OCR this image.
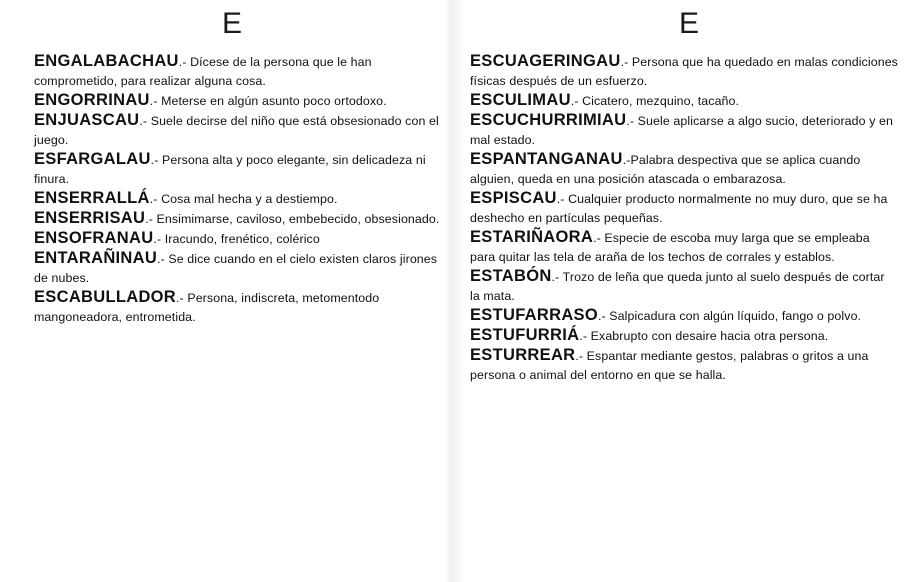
E

ENGALABACHAU.- Dícese de la persona que le han comprometido, para realizar alguna cosa.

ENGORRINAU.- Meterse en algún asunto poco ortodoxo.

ENJUASCAU.- Suele decirse del niño que está obsesionado con el juego.

ESFARGALAU.- Persona alta y poco elegante, sin delicadeza ni finura.

ENSERRALLÁ.- Cosa mal hecha y a destiempo.

ENSERRISAU.- Ensimimarse, caviloso, embebecido, obsesionado.

ENSOFRANAU.- Iracundo, frenético, colérico

ENTARAÑINAU.- Se dice cuando en el cielo existen claros jirones de nubes.

ESCABULLADOR.- Persona, indiscreta, metomentodo mangoneadora, entrometida.

E

ESCUAGERINGAU.- Persona que ha quedado en malas condiciones físicas después de un esfuerzo.

ESCULIMAU.- Cicatero, mezquino, tacaño.

ESCUCHURRIMIAU.- Suele aplicarse a algo sucio, deteriorado y en mal estado.

ESPANTANGANAU.-Palabra despectiva que se aplica cuando alguien, queda en una posición atascada o embarazosa.

ESPISCAU.- Cualquier producto normalmente no muy duro, que se ha deshecho en partículas pequeñas.

ESTARIÑAORA.- Especie de escoba muy larga que se empleaba para quitar las tela de araña de los techos de corrales y establos.

ESTABÓN.- Trozo de leña que queda junto al suelo después de cortar la mata.

ESTUFARRASO.- Salpicadura con algún líquido, fango o polvo.

ESTUFURRIÁ.- Exabrupto con desaire hacia otra persona.

ESTURREAR.- Espantar mediante gestos, palabras o gritos a una persona o animal del entorno en que se halla.
